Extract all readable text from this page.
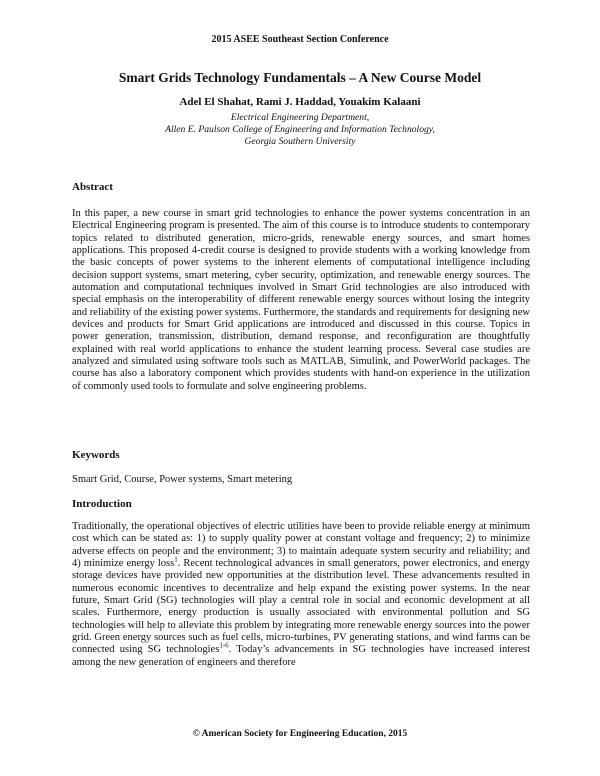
2015 ASEE Southeast Section Conference
Smart Grids Technology Fundamentals – A New Course Model
Adel El Shahat, Rami J. Haddad, Youakim Kalaani
Electrical Engineering Department,
Allen E. Paulson College of Engineering and Information Technology,
Georgia Southern University
Abstract

In this paper, a new course in smart grid technologies to enhance the power systems concentration in an Electrical Engineering program is presented. The aim of this course is to introduce students to contemporary topics related to distributed generation, micro-grids, renewable energy sources, and smart homes applications. This proposed 4-credit course is designed to provide students with a working knowledge from the basic concepts of power systems to the inherent elements of computational intelligence including decision support systems, smart metering, cyber security, optimization, and renewable energy sources. The automation and computational techniques involved in Smart Grid technologies are also introduced with special emphasis on the interoperability of different renewable energy sources without losing the integrity and reliability of the existing power systems. Furthermore, the standards and requirements for designing new devices and products for Smart Grid applications are introduced and discussed in this course. Topics in power generation, transmission, distribution, demand response, and reconfiguration are thoughtfully explained with real world applications to enhance the student learning process. Several case studies are analyzed and simulated using software tools such as MATLAB, Simulink, and PowerWorld packages. The course has also a laboratory component which provides students with hand-on experience in the utilization of commonly used tools to formulate and solve engineering problems.

Keywords
Smart Grid, Course, Power systems, Smart metering
Introduction

Traditionally, the operational objectives of electric utilities have been to provide reliable energy at minimum cost which can be stated as: 1) to supply quality power at constant voltage and frequency; 2) to minimize adverse effects on people and the environment; 3) to maintain adequate system security and reliability; and 4) minimize energy loss$^1$. Recent technological advances in small generators, power electronics, and energy storage devices have provided new opportunities at the distribution level. These advancements resulted in numerous economic incentives to decentralize and help expand the existing power systems. In the near future, Smart Grid (SG) technologies will play a central role in social and economic development at all scales. Furthermore, energy production is usually associated with environmental pollution and SG technologies will help to alleviate this problem by integrating more renewable energy sources into the power grid. Green energy sources such as fuel cells, micro-turbines, PV generating stations, and wind farms can be connected using SG technologies$^{1-6}$. Today’s advancements in SG technologies have increased interest among the new generation of engineers and therefore

© American Society for Engineering Education, 2015
